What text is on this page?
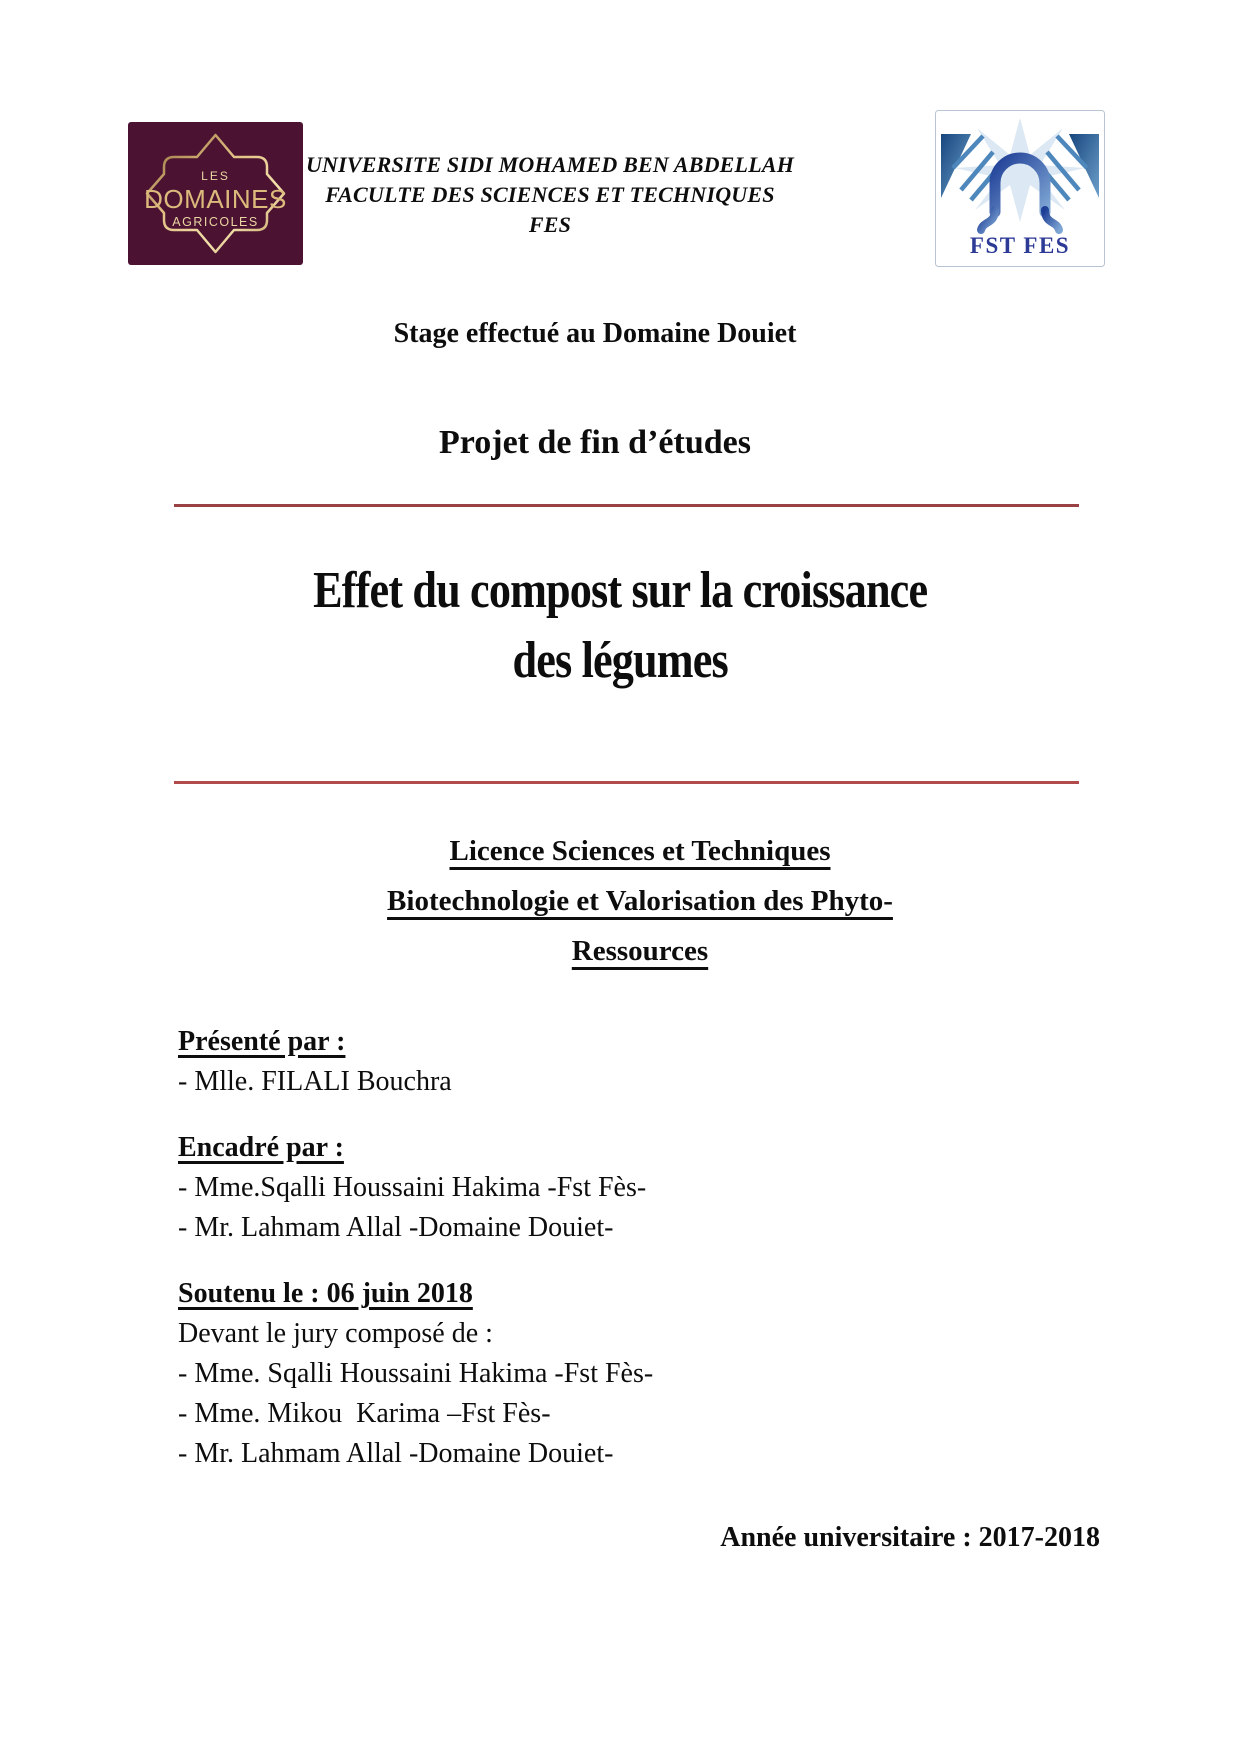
LES
DOMAINES
AGRICOLES
UNIVERSITE SIDI MOHAMED BEN ABDELLAH
FACULTE DES SCIENCES ET TECHNIQUES
FES
FST FES
Stage effectué au Domaine Douiet
Projet de fin d’études
Effet du compost sur la croissance
des légumes
Licence Sciences et Techniques
Biotechnologie et Valorisation des Phyto-
Ressources
Présenté par :
- Mlle. FILALI Bouchra
Encadré par :
- Mme.Sqalli Houssaini Hakima -Fst Fès-
- Mr. Lahmam Allal -Domaine Douiet-
Soutenu le : 06 juin 2018
Devant le jury composé de :
- Mme. Sqalli Houssaini Hakima -Fst Fès-
- Mme. Mikou  Karima –Fst Fès-
- Mr. Lahmam Allal -Domaine Douiet-
Année universitaire : 2017-2018
